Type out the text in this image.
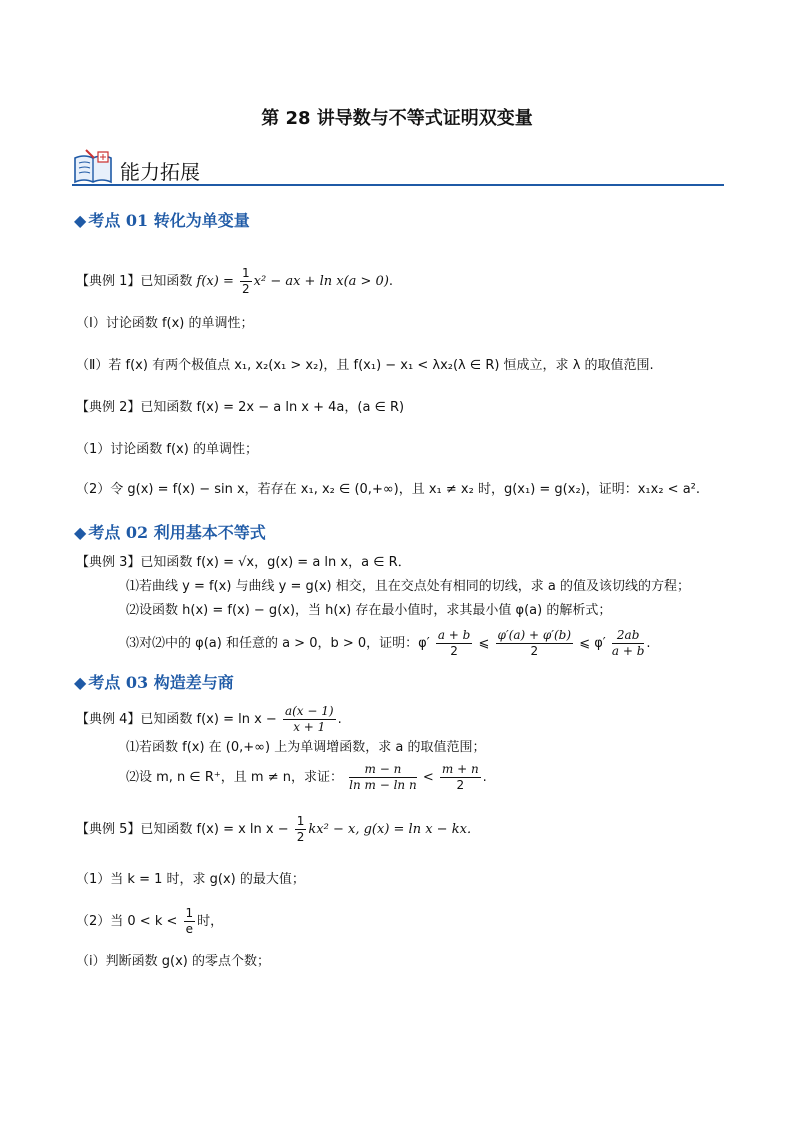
第 28 讲导数与不等式证明双变量
能力拓展
◆ 考点 01 转化为单变量
【典例 1】已知函数 $f(x) = \frac{1}{2} x^2$ − ax + ln x(a > 0).
（Ⅰ）讨论函数 f(x) 的单调性；
（Ⅱ）若 f(x) 有两个极值点 x₁, x₂(x₁ > x₂)，且 f(x₁) − x₁ < λx₂(λ ∈ R) 恒成立，求 λ 的取值范围.
【典例 2】已知函数 f(x) = 2x − a ln x + 4a，(a ∈ R)
（1）讨论函数 f(x) 的单调性；
（2）令 g(x) = f(x) − sin x，若存在 x₁, x₂ ∈ (0,+∞)，且 x₁ ≠ x₂ 时，g(x₁) = g(x₂)，证明：x₁x₂ < a².
◆ 考点 02 利用基本不等式
【典例 3】已知函数 f(x) = √x，g(x) = a ln x，a ∈ R．
⑴若曲线 y = f(x) 与曲线 y = g(x) 相交，且在交点处有相同的切线，求 a 的值及该切线的方程；
⑵设函数 h(x) = f(x) − g(x)，当 h(x) 存在最小值时，求其最小值 φ(a) 的解析式；
⑶对⑵中的 φ(a) 和任意的 a > 0，b > 0，证明：$\varphi' \frac{a + b}{2}$ ⩽ $\frac{\varphi'(a) + \varphi'(b)}{2}$ ⩽ $\varphi' \frac{2ab}{a + b}$ .
◆ 考点 03 构造差与商
【典例 4】已知函数 $f(x) = \ln x - \frac{a(x - 1)}{x + 1}$ .
⑴若函数 f(x) 在 (0,+∞) 上为单调增函数，求 a 的取值范围；
⑵设 m, n ∈ R⁺，且 m ≠ n，求证： $\frac{m - n}{\text{ln m − ln n}} < \frac{m + n}{2}$ .
【典例 5】已知函数 f(x) = x $\ln x - \frac{1}{2} kx^2 - x$, g(x) = ln x − kx．
（1）当 k = 1 时，求 g(x) 的最大值；
（2）当 $0 < k < \frac{1}{e}$ 时，
（i）判断函数 g(x) 的零点个数；
